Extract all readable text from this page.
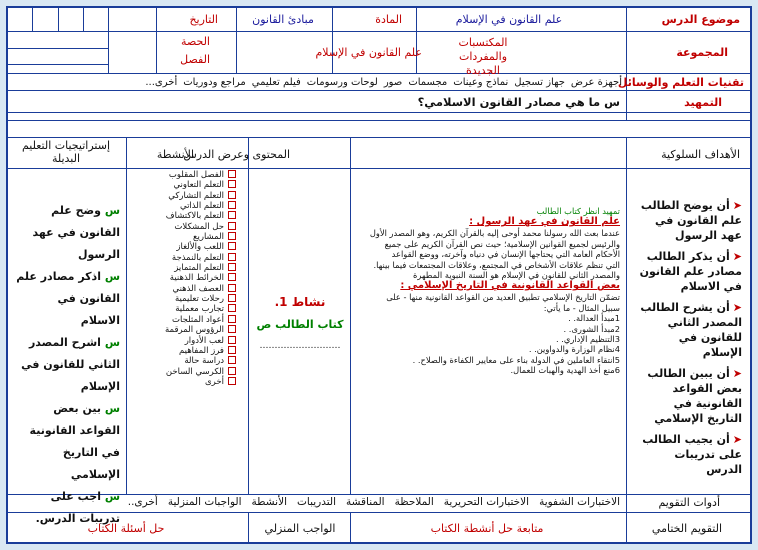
موضوع الدرس
علم القانون في الإسلام
المادة
مبادئ القانون
التاريخ
المجموعة
المكتسبات والمفردات الجديدة
علم القانون في الإسلام
الحصة
الفصل
تقنيات التعلم والوسائل
أجهزة عرض
جهاز تسجيل
نماذج وعينات
مجسمات
صور
لوحات ورسومات
فيلم تعليمي
مراجع ودوريات
أخرى...
التمهيد
س ما هي مصادر القانون الاسلامي؟
الأهداف السلوكية
المحتوى وعرض الدرس
الأنشطة
إستراتيجيات التعليم البديلة
➤أن يوضح الطالب علم القانون في عهد الرسول
➤أن يذكر الطالب مصادر علم القانون في الاسلام
➤أن يشرح الطالب المصدر الثاني للقانون في الإسلام
➤أن يبين الطالب بعض القواعد القانونية في التاريخ الإسلامي
➤أن يجيب الطالب على تدريبات الدرس
تمهيد انظر كتاب الطالب
علم القانون في عهد الرسول :
عندما بعث الله رسولنا محمد أوحى إليه بالقرآن الكريم، وهو المصدر الأول
والرئيس لجميع القوانين الإسلامية؛ حيث نص القرآن الكريم على جميع
الأحكام العامة التي يحتاجها الإنسان في دنياه وآخرته، ووضع القواعد
التي تنظم علاقات الأشخاص في المجتمع، وعلاقات المجتمعات فيما بينها.
والمصدر الثاني للقانون في الإسلام هو السنة النبوية المطهرة
بعض القواعد القانونية في التاريخ الإسلامي :
تضمّن التاريخ الإسلامي تطبيق العديد من القواعد القانونية منها - على
سبيل المثال - ما يأتي:
1مبدأ العدالة. .
2مبدأ الشورى. .
3التنظيم الإداري. .
4نظام الوزارة والدواوين. .
5انتقاء العاملين في الدولة بناء على معايير الكفاءة والصلاح. .
6منع أخذ الهدية والهبات للعمال.
نشاط 1.
كتاب الطالب ص
………………………
الفصل المقلوب
التعلم التعاوني
التعلم التشاركي
التعلم الذاتي
التعلم بالاكتشاف
حل المشكلات
المشاريع
اللعب والألغاز
التعلم بالنمذجة
التعلم المتمايز
الخرائط الذهنية
العصف الذهني
رحلات تعليمية
تجارب معملية
أعواد المثلجات
الرؤوس المرقمة
لعب الأدوار
فرز المفاهيم
دراسة حالة
الكرسي الساخن
أخرى
س وضح علم القانون في عهد الرسول
س اذكر مصادر علم القانون في الاسلام
س اشرح المصدر الثاني للقانون في الإسلام
س بين بعض القواعد القانونية في التاريخ الإسلامي
س اجب على تدريبات الدرس.
أدوات التقويم
الاختبارات الشفوية
الاختبارات التحريرية
الملاحظة
المناقشة
التدريبات
الأنشطة
الواجبات المنزلية
أخرى..
التقويم الختامي
متابعة حل أنشطة الكتاب
الواجب المنزلي
حل أسئلة الكتاب
